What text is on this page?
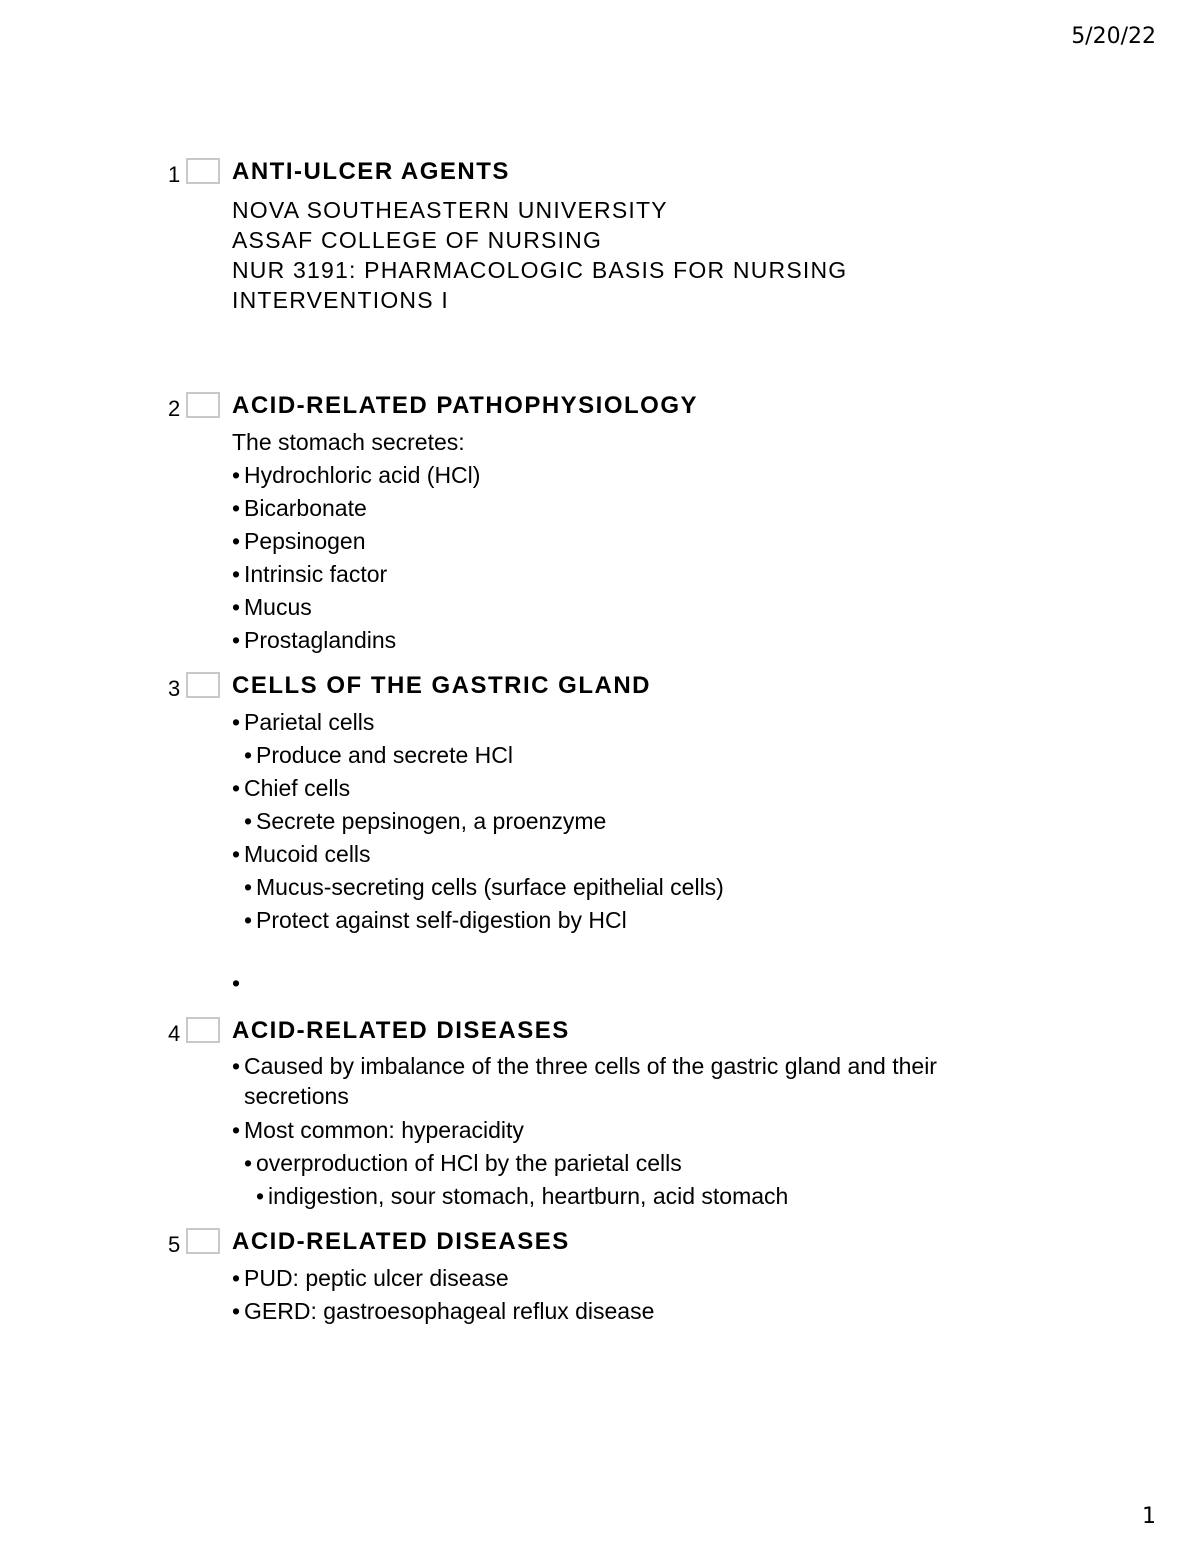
5/20/22
1 ANTI-ULCER AGENTS
NOVA SOUTHEASTERN UNIVERSITY
ASSAF COLLEGE OF NURSING
NUR 3191: PHARMACOLOGIC BASIS FOR NURSING
INTERVENTIONS I
2 ACID-RELATED PATHOPHYSIOLOGY
The stomach secretes:
• Hydrochloric acid (HCl)
• Bicarbonate
• Pepsinogen
• Intrinsic factor
• Mucus
• Prostaglandins
3 CELLS OF THE GASTRIC GLAND
• Parietal cells
• Produce and secrete HCl
• Chief cells
• Secrete pepsinogen, a proenzyme
• Mucoid cells
• Mucus-secreting cells (surface epithelial cells)
• Protect against self-digestion by HCl
•
4 ACID-RELATED DISEASES
• Caused by imbalance of the three cells of the gastric gland and their secretions
• Most common: hyperacidity
• overproduction of HCl by the parietal cells
• indigestion, sour stomach, heartburn, acid stomach
5 ACID-RELATED DISEASES
• PUD: peptic ulcer disease
• GERD: gastroesophageal reflux disease
1
